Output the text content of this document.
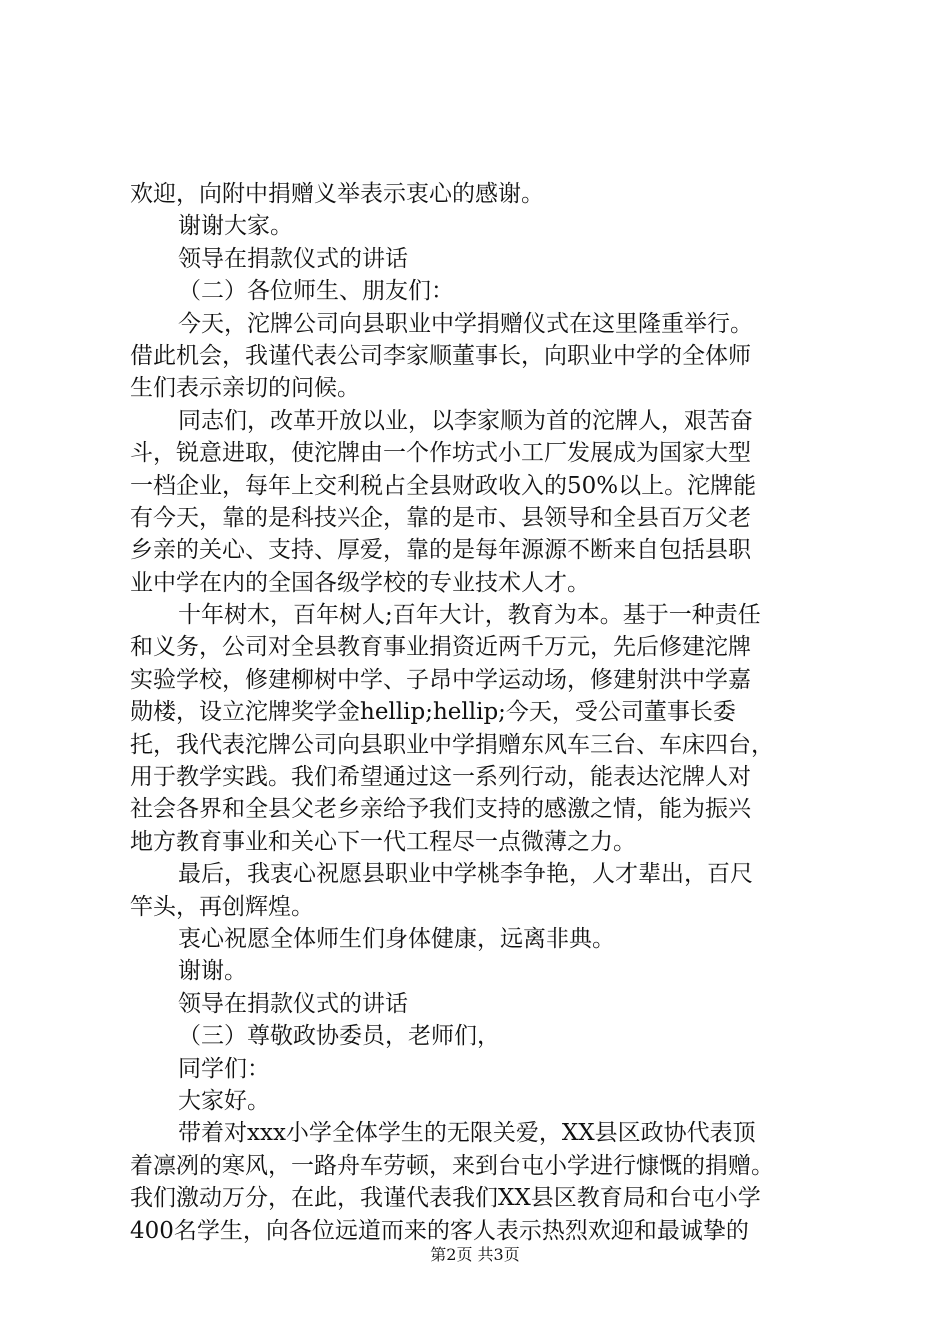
欢迎，向附中捐赠义举表示衷心的感谢。
谢谢大家。
领导在捐款仪式的讲话
（二）各位师生、朋友们：
今天，沱牌公司向县职业中学捐赠仪式在这里隆重举行。
借此机会，我谨代表公司李家顺董事长，向职业中学的全体师
生们表示亲切的问候。
同志们，改革开放以业，以李家顺为首的沱牌人，艰苦奋
斗，锐意进取，使沱牌由一个作坊式小工厂发展成为国家大型
一档企业，每年上交利税占全县财政收入的50%以上。沱牌能
有今天，靠的是科技兴企，靠的是市、县领导和全县百万父老
乡亲的关心、支持、厚爱，靠的是每年源源不断来自包括县职
业中学在内的全国各级学校的专业技术人才。
十年树木，百年树人;百年大计，教育为本。基于一种责任
和义务，公司对全县教育事业捐资近两千万元，先后修建沱牌
实验学校，修建柳树中学、子昂中学运动场，修建射洪中学嘉
勋楼，设立沱牌奖学金hellip;hellip;今天，受公司董事长委
托，我代表沱牌公司向县职业中学捐赠东风车三台、车床四台，
用于教学实践。我们希望通过这一系列行动，能表达沱牌人对
社会各界和全县父老乡亲给予我们支持的感激之情，能为振兴
地方教育事业和关心下一代工程尽一点微薄之力。
最后，我衷心祝愿县职业中学桃李争艳，人才辈出，百尺
竿头，再创辉煌。
衷心祝愿全体师生们身体健康，远离非典。
谢谢。
领导在捐款仪式的讲话
（三）尊敬政协委员，老师们，
同学们：
大家好。
带着对xxx小学全体学生的无限关爱，XX县区政协代表顶
着凛冽的寒风，一路舟车劳顿，来到台屯小学进行慷慨的捐赠。
我们激动万分，在此，我谨代表我们XX县区教育局和台屯小学
400名学生，向各位远道而来的客人表示热烈欢迎和最诚挚的
第2页 共3页
